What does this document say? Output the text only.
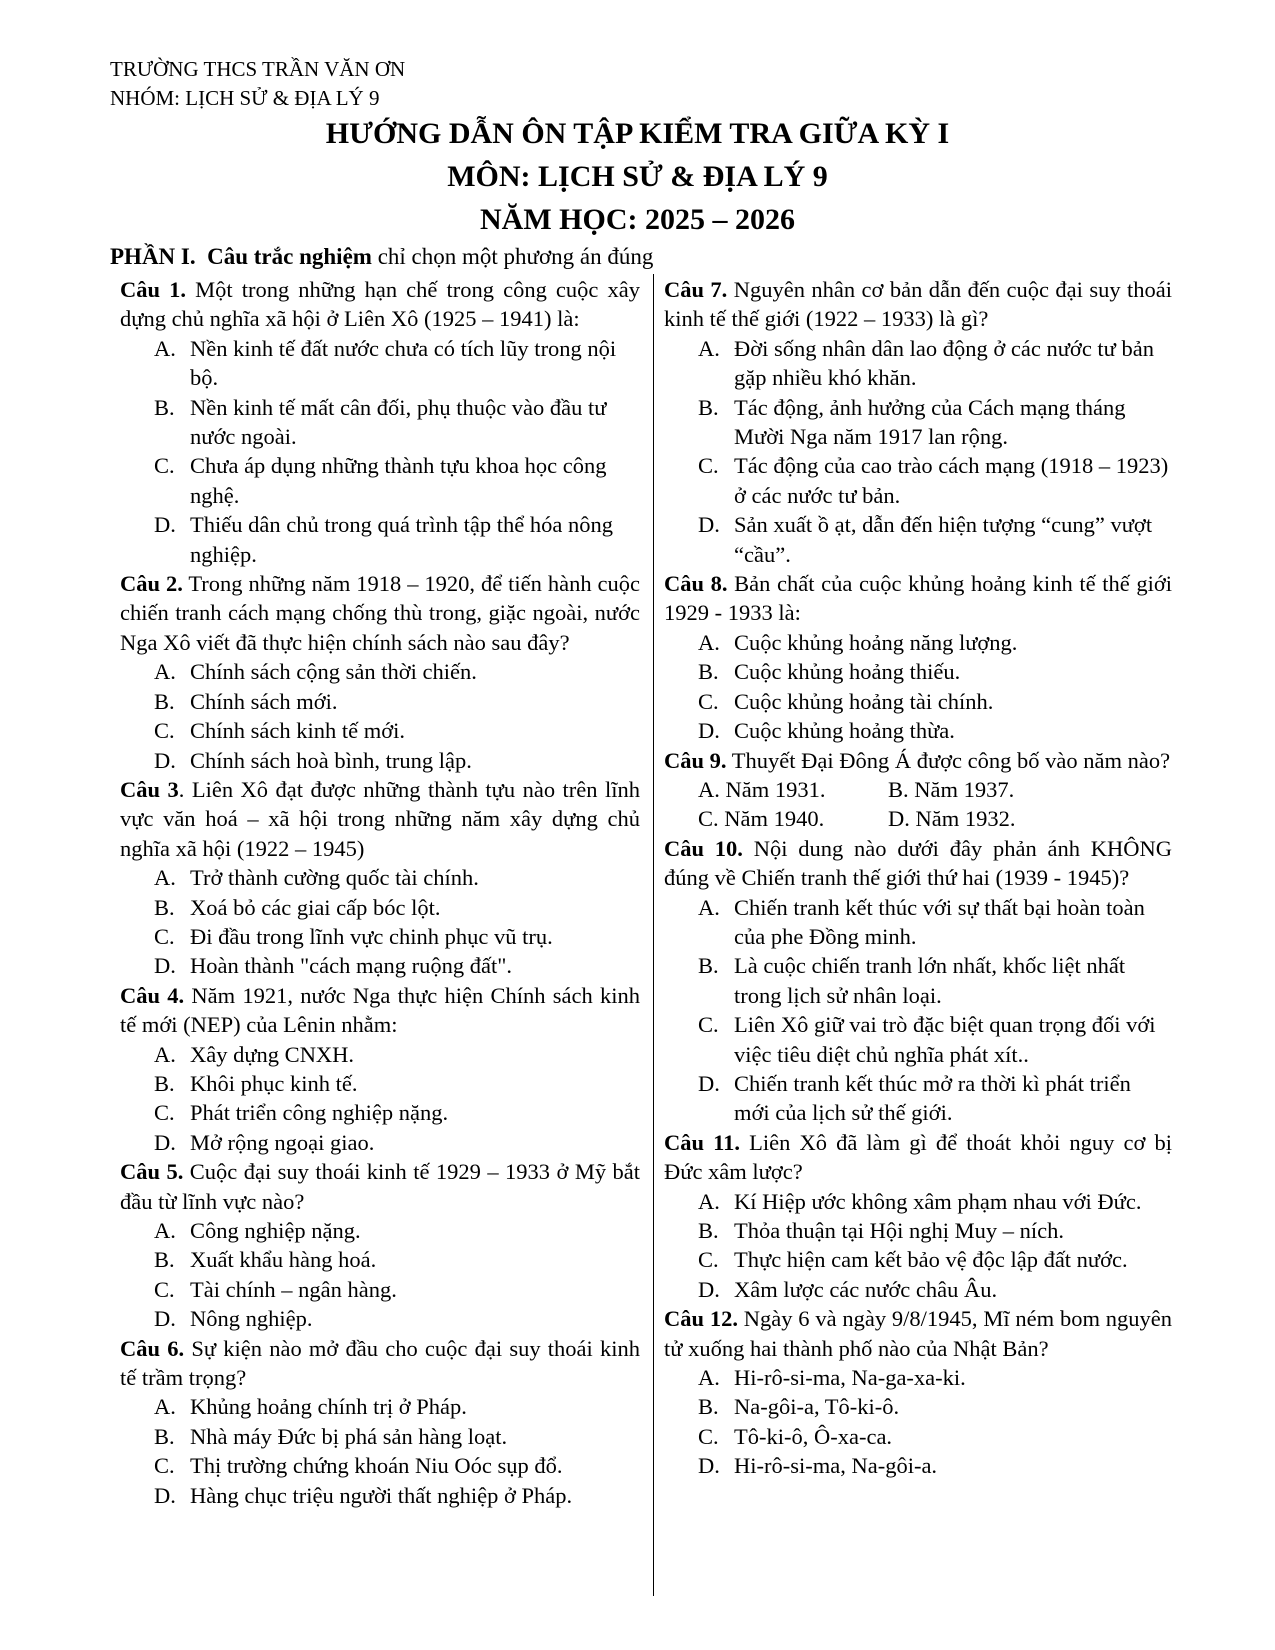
TRƯỜNG THCS TRẦN VĂN ƠN
NHÓM: LỊCH SỬ & ĐỊA LÝ 9
HƯỚNG DẪN ÔN TẬP KIỂM TRA GIỮA KỲ I
MÔN: LỊCH SỬ & ĐỊA LÝ 9
NĂM HỌC: 2025 – 2026
PHẦN I. Câu trắc nghiệm chỉ chọn một phương án đúng
Câu 1. Một trong những hạn chế trong công cuộc xây dựng chủ nghĩa xã hội ở Liên Xô (1925 – 1941) là:
A. Nền kinh tế đất nước chưa có tích lũy trong nội bộ.
B. Nền kinh tế mất cân đối, phụ thuộc vào đầu tư nước ngoài.
C. Chưa áp dụng những thành tựu khoa học công nghệ.
D. Thiếu dân chủ trong quá trình tập thể hóa nông nghiệp.
Câu 2. Trong những năm 1918 – 1920, để tiến hành cuộc chiến tranh cách mạng chống thù trong, giặc ngoài, nước Nga Xô viết đã thực hiện chính sách nào sau đây?
A. Chính sách cộng sản thời chiến.
B. Chính sách mới.
C. Chính sách kinh tế mới.
D. Chính sách hoà bình, trung lập.
Câu 3. Liên Xô đạt được những thành tựu nào trên lĩnh vực văn hoá – xã hội trong những năm xây dựng chủ nghĩa xã hội (1922 – 1945)
A. Trở thành cường quốc tài chính.
B. Xoá bỏ các giai cấp bóc lột.
C. Đi đầu trong lĩnh vực chinh phục vũ trụ.
D. Hoàn thành "cách mạng ruộng đất".
Câu 4. Năm 1921, nước Nga thực hiện Chính sách kinh tế mới (NEP) của Lênin nhằm:
A. Xây dựng CNXH.
B. Khôi phục kinh tế.
C. Phát triển công nghiệp nặng.
D. Mở rộng ngoại giao.
Câu 5. Cuộc đại suy thoái kinh tế 1929 – 1933 ở Mỹ bắt đầu từ lĩnh vực nào?
A. Công nghiệp nặng.
B. Xuất khẩu hàng hoá.
C. Tài chính – ngân hàng.
D. Nông nghiệp.
Câu 6. Sự kiện nào mở đầu cho cuộc đại suy thoái kinh tế trầm trọng?
A. Khủng hoảng chính trị ở Pháp.
B. Nhà máy Đức bị phá sản hàng loạt.
C. Thị trường chứng khoán Niu Oóc sụp đổ.
D. Hàng chục triệu người thất nghiệp ở Pháp.
Câu 7. Nguyên nhân cơ bản dẫn đến cuộc đại suy thoái kinh tế thế giới (1922 – 1933) là gì?
A. Đời sống nhân dân lao động ở các nước tư bản gặp nhiều khó khăn.
B. Tác động, ảnh hưởng của Cách mạng tháng Mười Nga năm 1917 lan rộng.
C. Tác động của cao trào cách mạng (1918 – 1923) ở các nước tư bản.
D. Sản xuất ồ ạt, dẫn đến hiện tượng “cung” vượt “cầu”.
Câu 8. Bản chất của cuộc khủng hoảng kinh tế thế giới 1929 - 1933 là:
A. Cuộc khủng hoảng năng lượng.
B. Cuộc khủng hoảng thiếu.
C. Cuộc khủng hoảng tài chính.
D. Cuộc khủng hoảng thừa.
Câu 9. Thuyết Đại Đông Á được công bố vào năm nào?
A. Năm 1931.	B. Năm 1937.
C. Năm 1940.	D. Năm 1932.
Câu 10. Nội dung nào dưới đây phản ánh KHÔNG đúng về Chiến tranh thế giới thứ hai (1939 - 1945)?
A. Chiến tranh kết thúc với sự thất bại hoàn toàn của phe Đồng minh.
B. Là cuộc chiến tranh lớn nhất, khốc liệt nhất trong lịch sử nhân loại.
C. Liên Xô giữ vai trò đặc biệt quan trọng đối với việc tiêu diệt chủ nghĩa phát xít..
D. Chiến tranh kết thúc mở ra thời kì phát triển mới của lịch sử thế giới.
Câu 11. Liên Xô đã làm gì để thoát khỏi nguy cơ bị Đức xâm lược?
A. Kí Hiệp ước không xâm phạm nhau với Đức.
B. Thỏa thuận tại Hội nghị Muy – ních.
C. Thực hiện cam kết bảo vệ độc lập đất nước.
D. Xâm lược các nước châu Âu.
Câu 12. Ngày 6 và ngày 9/8/1945, Mĩ ném bom nguyên tử xuống hai thành phố nào của Nhật Bản?
A. Hi-rô-si-ma, Na-ga-xa-ki.
B. Na-gôi-a, Tô-ki-ô.
C. Tô-ki-ô, Ô-xa-ca.
D. Hi-rô-si-ma, Na-gôi-a.
